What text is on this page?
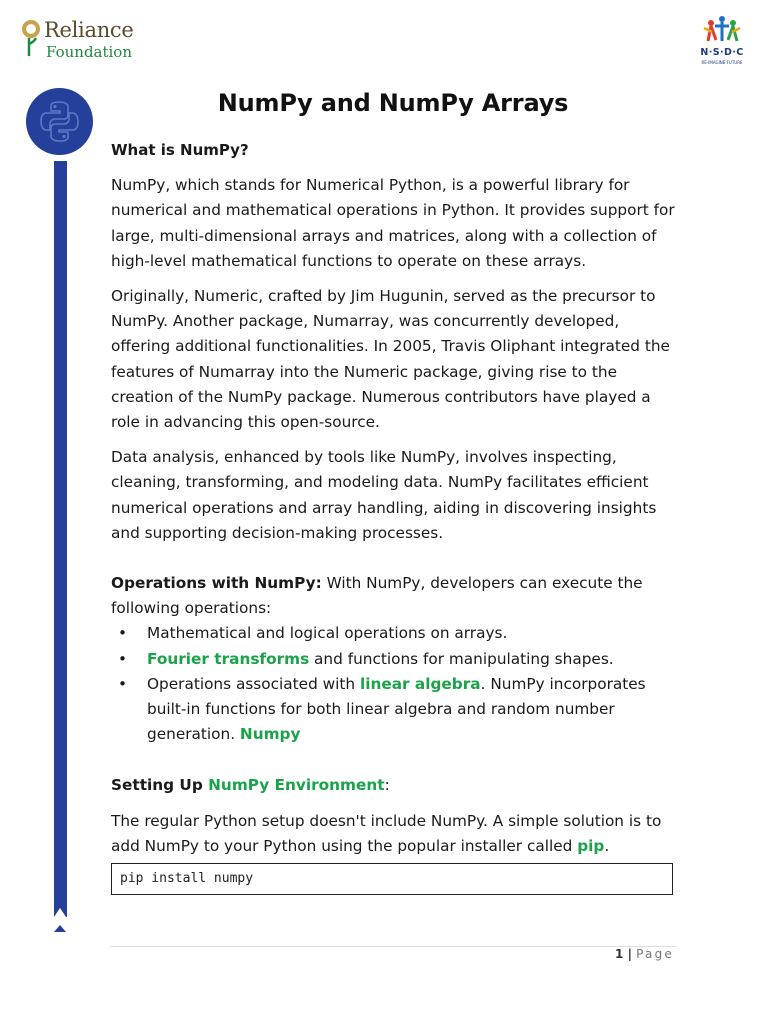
Reliance
Foundation	N·S·D·C
RE-IMAGINE FUTURE
NumPy and NumPy Arrays

What is NumPy?

NumPy, which stands for Numerical Python, is a powerful library for numerical and mathematical operations in Python. It provides support for large, multi-dimensional arrays and matrices, along with a collection of high-level mathematical functions to operate on these arrays.

Originally, Numeric, crafted by Jim Hugunin, served as the precursor to NumPy. Another package, Numarray, was concurrently developed, offering additional functionalities. In 2005, Travis Oliphant integrated the features of Numarray into the Numeric package, giving rise to the creation of the NumPy package. Numerous contributors have played a role in advancing this open-source.

Data analysis, enhanced by tools like NumPy, involves inspecting, cleaning, transforming, and modeling data. NumPy facilitates efficient numerical operations and array handling, aiding in discovering insights and supporting decision-making processes.

Operations with NumPy: With NumPy, developers can execute the following operations:

• Mathematical and logical operations on arrays.
• Fourier transforms and functions for manipulating shapes.
• Operations associated with linear algebra. NumPy incorporates built-in functions for both linear algebra and random number generation. Numpy

Setting Up NumPy Environment:

The regular Python setup doesn't include NumPy. A simple solution is to add NumPy to your Python using the popular installer called pip.

pip install numpy
1 | Page
